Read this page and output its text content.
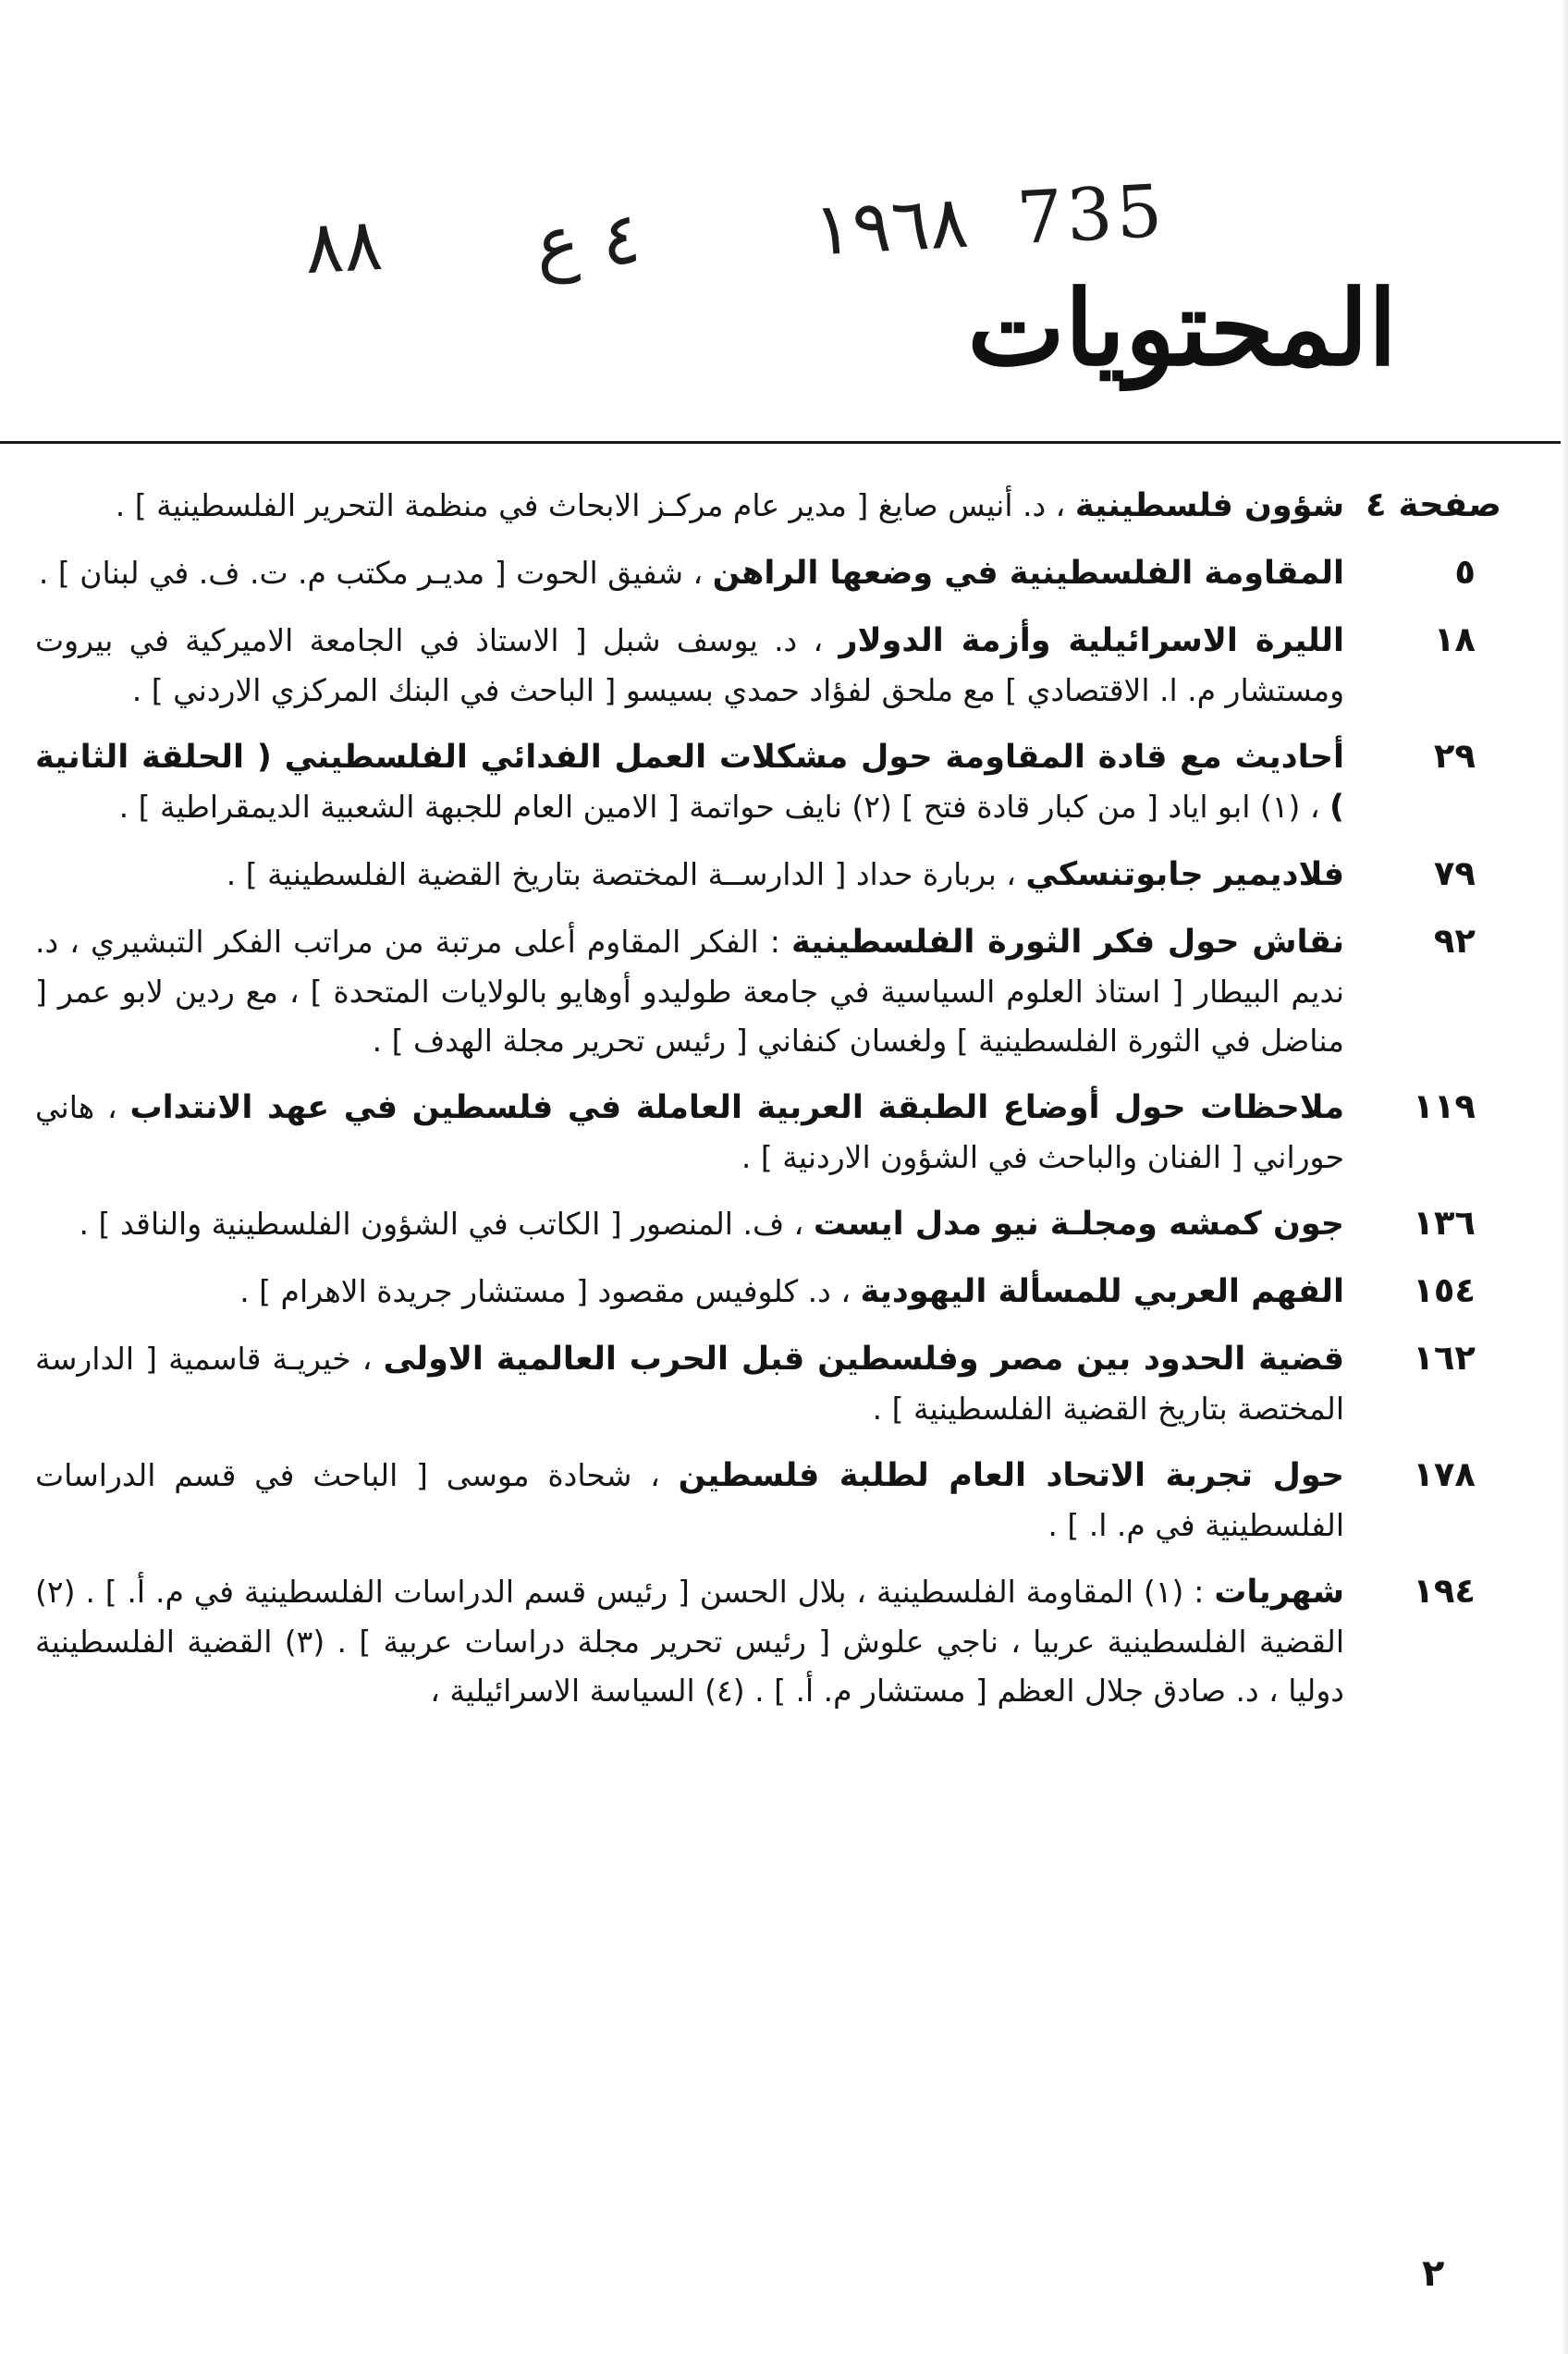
735
١٩٦٨
٤ ع
٨٨
المحتويات
صفحة ٤
شؤون فلسطينية ، د. أنيس صايغ [ مدير عام مركـز الابحاث في منظمة التحرير الفلسطينية ] .
٥
المقاومة الفلسطينية في وضعها الراهن ، شفيق الحوت [ مديـر مكتب م. ت. ف. في لبنان ] .
١٨
الليرة الاسرائيلية وأزمة الدولار ، د. يوسف شبل [ الاستاذ في الجامعة الاميركية في بيروت ومستشار م. ا. الاقتصادي ] مع ملحق لفؤاد حمدي بسيسو [ الباحث في البنك المركزي الاردني ] .
٢٩
أحاديث مع قادة المقاومة حول مشكلات العمل الفدائي الفلسطيني ( الحلقة الثانية ) ، (١) ابو اياد [ من كبار قادة فتح ] (٢) نايف حواتمة [ الامين العام للجبهة الشعبية الديمقراطية ] .
٧٩
فلاديمير جابوتنسكي ، بربارة حداد [ الدارســة المختصة بتاريخ القضية الفلسطينية ] .
٩٢
نقاش حول فكر الثورة الفلسطينية : الفكر المقاوم أعلى مرتبة من مراتب الفكر التبشيري ، د. نديم البيطار [ استاذ العلوم السياسية في جامعة طوليدو أوهايو بالولايات المتحدة ] ، مع ردين لابو عمر [ مناضل في الثورة الفلسطينية ] ولغسان كنفاني [ رئيس تحرير مجلة الهدف ] .
١١٩
ملاحظات حول أوضاع الطبقة العربية العاملة في فلسطين في عهد الانتداب ، هاني حوراني [ الفنان والباحث في الشؤون الاردنية ] .
١٣٦
جون كمشه ومجلـة نيو مدل ايست ، ف. المنصور [ الكاتب في الشؤون الفلسطينية والناقد ] .
١٥٤
الفهم العربي للمسألة اليهودية ، د. كلوفيس مقصود [ مستشار جريدة الاهرام ] .
١٦٢
قضية الحدود بين مصر وفلسطين قبل الحرب العالمية الاولى ، خيريـة قاسمية [ الدارسة المختصة بتاريخ القضية الفلسطينية ] .
١٧٨
حول تجربة الاتحاد العام لطلبة فلسطين ، شحادة موسى [ الباحث في قسم الدراسات الفلسطينية في م. ا. ] .
١٩٤
شهريات : (١) المقاومة الفلسطينية ، بلال الحسن [ رئيس قسم الدراسات الفلسطينية في م. أ. ] . (٢) القضية الفلسطينية عربيا ، ناجي علوش [ رئيس تحرير مجلة دراسات عربية ] . (٣) القضية الفلسطينية دوليا ، د. صادق جلال العظم [ مستشار م. أ. ] . (٤) السياسة الاسرائيلية ،
٢
